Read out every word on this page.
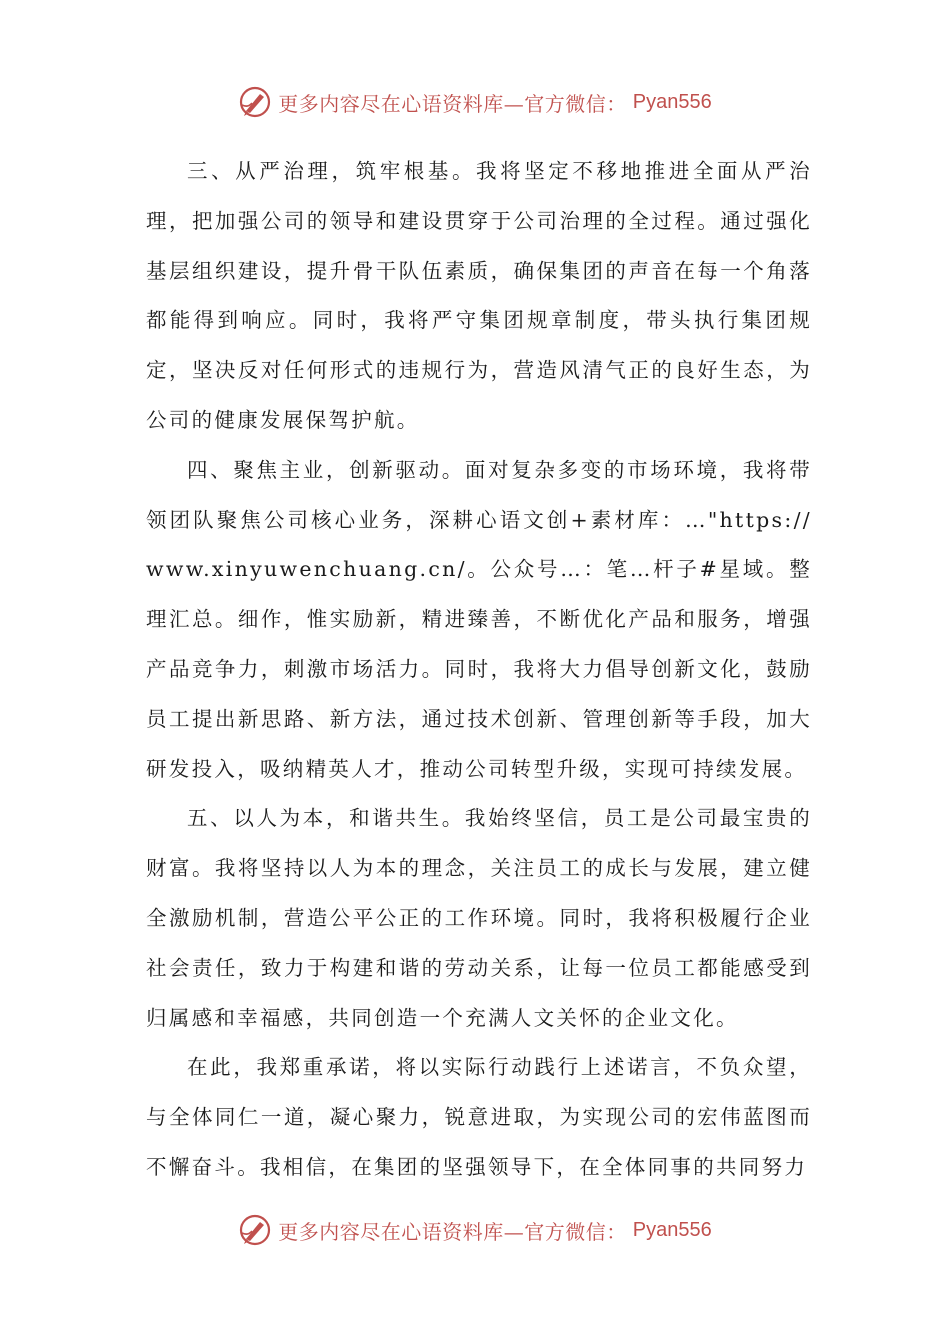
更多内容尽在心语资料库—官方微信： Pyan556

三、从严治理，筑牢根基。我将坚定不移地推进全面从严治理，把加强公司的领导和建设贯穿于公司治理的全过程。通过强化基层组织建设，提升骨干队伍素质，确保集团的声音在每一个角落都能得到响应。同时，我将严守集团规章制度，带头执行集团规定，坚决反对任何形式的违规行为，营造风清气正的良好生态，为公司的健康发展保驾护航。

四、聚焦主业，创新驱动。面对复杂多变的市场环境，我将带领团队聚焦公司核心业务，深耕心语文创+素材库：…"https://www.xinyuwenchuang.cn/。公众号…：笔…杆子#星域。整理汇总。细作，惟实励新，精进臻善，不断优化产品和服务，增强产品竞争力，刺激市场活力。同时，我将大力倡导创新文化，鼓励员工提出新思路、新方法，通过技术创新、管理创新等手段，加大研发投入，吸纳精英人才，推动公司转型升级，实现可持续发展。

五、以人为本，和谐共生。我始终坚信，员工是公司最宝贵的财富。我将坚持以人为本的理念，关注员工的成长与发展，建立健全激励机制，营造公平公正的工作环境。同时，我将积极履行企业社会责任，致力于构建和谐的劳动关系，让每一位员工都能感受到归属感和幸福感，共同创造一个充满人文关怀的企业文化。

在此，我郑重承诺，将以实际行动践行上述诺言，不负众望，与全体同仁一道，凝心聚力，锐意进取，为实现公司的宏伟蓝图而不懈奋斗。我相信，在集团的坚强领导下，在全体同事的共同努力

更多内容尽在心语资料库—官方微信： Pyan556
